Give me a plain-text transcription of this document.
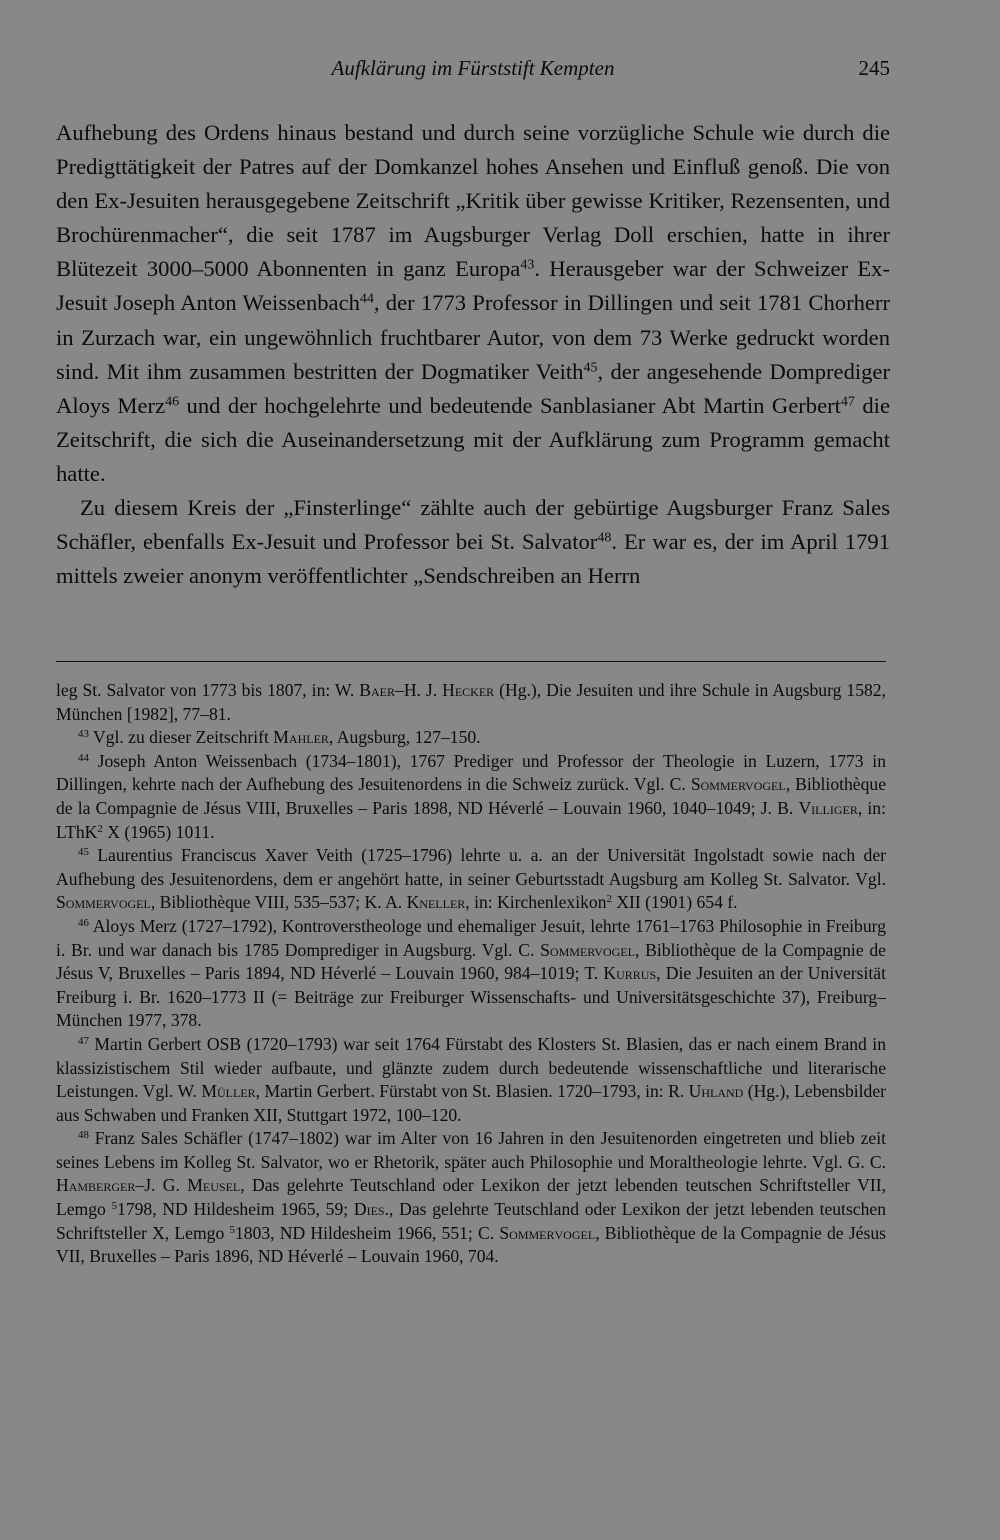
Aufklärung im Fürststift Kempten	245

Aufhebung des Ordens hinaus bestand und durch seine vorzügliche Schule wie durch die Predigttätigkeit der Patres auf der Domkanzel hohes Ansehen und Einfluß genoß. Die von den Ex-Jesuiten herausgegebene Zeitschrift „Kritik über gewisse Kritiker, Rezensenten, und Brochürenmacher“, die seit 1787 im Augsburger Verlag Doll erschien, hatte in ihrer Blütezeit 3000–5000 Abonnenten in ganz Europa$^{43}$. Herausgeber war der Schweizer Ex-Jesuit Joseph Anton Weissenbach$^{44}$, der 1773 Professor in Dillingen und seit 1781 Chorherr in Zurzach war, ein ungewöhnlich fruchtbarer Autor, von dem 73 Werke gedruckt worden sind. Mit ihm zusammen bestritten der Dogmatiker Veith$^{45}$, der angesehende Domprediger Aloys Merz$^{46}$ und der hochgelehrte und bedeutende Sanblasianer Abt Martin Gerbert$^{47}$ die Zeitschrift, die sich die Auseinandersetzung mit der Aufklärung zum Programm gemacht hatte.

Zu diesem Kreis der „Finsterlinge“ zählte auch der gebürtige Augsburger Franz Sales Schäfler, ebenfalls Ex-Jesuit und Professor bei St. Salvator$^{48}$. Er war es, der im April 1791 mittels zweier anonym veröffentlichter „Sendschreiben an Herrn

leg St. Salvator von 1773 bis 1807, in: W. Baer–H. J. Hecker (Hg.), Die Jesuiten und ihre Schule in Augsburg 1582, München [1982], 77–81.

$^{43}$ Vgl. zu dieser Zeitschrift Mahler, Augsburg, 127–150.

$^{44}$ Joseph Anton Weissenbach (1734–1801), 1767 Prediger und Professor der Theologie in Luzern, 1773 in Dillingen, kehrte nach der Aufhebung des Jesuitenordens in die Schweiz zurück. Vgl. C. Sommervogel, Bibliothèque de la Compagnie de Jésus VIII, Bruxelles – Paris 1898, ND Héverlé – Louvain 1960, 1040–1049; J. B. Villiger, in: LThK$^2$ X (1965) 1011.

$^{45}$ Laurentius Franciscus Xaver Veith (1725–1796) lehrte u. a. an der Universität Ingolstadt sowie nach der Aufhebung des Jesuitenordens, dem er angehört hatte, in seiner Geburtsstadt Augsburg am Kolleg St. Salvator. Vgl. Sommervogel, Bibliothèque VIII, 535–537; K. A. Kneller, in: Kirchenlexikon$^2$ XII (1901) 654 f.

$^{46}$ Aloys Merz (1727–1792), Kontroverstheologe und ehemaliger Jesuit, lehrte 1761–1763 Philosophie in Freiburg i. Br. und war danach bis 1785 Domprediger in Augsburg. Vgl. C. Sommervogel, Bibliothèque de la Compagnie de Jésus V, Bruxelles – Paris 1894, ND Héverlé – Louvain 1960, 984–1019; T. Kurrus, Die Jesuiten an der Universität Freiburg i. Br. 1620–1773 II (= Beiträge zur Freiburger Wissenschafts- und Universitätsgeschichte 37), Freiburg–München 1977, 378.

$^{47}$ Martin Gerbert OSB (1720–1793) war seit 1764 Fürstabt des Klosters St. Blasien, das er nach einem Brand in klassizistischem Stil wieder aufbaute, und glänzte zudem durch bedeutende wissenschaftliche und literarische Leistungen. Vgl. W. Müller, Martin Gerbert. Fürstabt von St. Blasien. 1720–1793, in: R. Uhland (Hg.), Lebensbilder aus Schwaben und Franken XII, Stuttgart 1972, 100–120.

$^{48}$ Franz Sales Schäfler (1747–1802) war im Alter von 16 Jahren in den Jesuitenorden eingetreten und blieb zeit seines Lebens im Kolleg St. Salvator, wo er Rhetorik, später auch Philosophie und Moraltheologie lehrte. Vgl. G. C. Hamberger–J. G. Meusel, Das gelehrte Teutschland oder Lexikon der jetzt lebenden teutschen Schriftsteller VII, Lemgo $^5$1798, ND Hildesheim 1965, 59; Dies., Das gelehrte Teutschland oder Lexikon der jetzt lebenden teutschen Schriftsteller X, Lemgo $^5$1803, ND Hildesheim 1966, 551; C. Sommervogel, Bibliothèque de la Compagnie de Jésus VII, Bruxelles – Paris 1896, ND Héverlé – Louvain 1960, 704.
